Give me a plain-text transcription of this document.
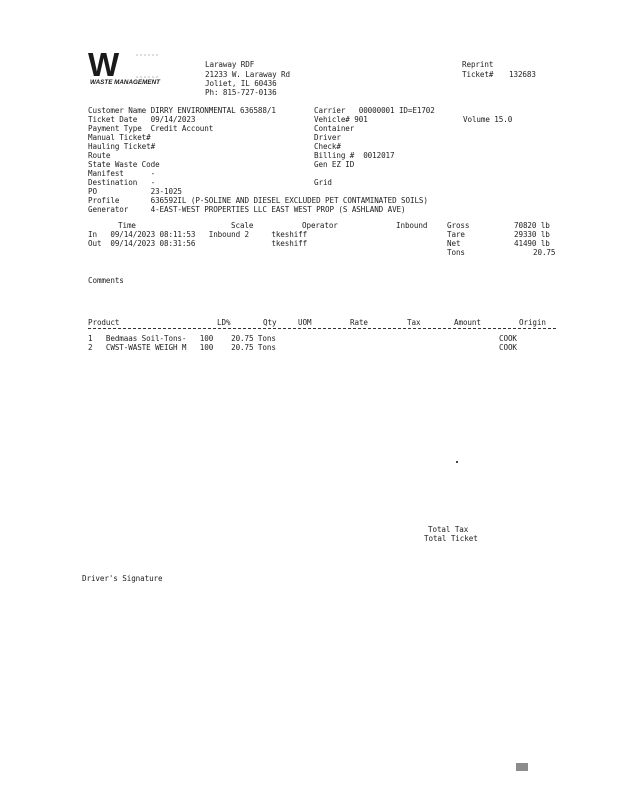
W
WASTE MANAGEMENT
Laraway RDF
21233 W. Laraway Rd
Joliet, IL 60436
Ph: 815-727-0136
Reprint
Ticket# 132683
Customer Name DIRRY ENVIRONMENTAL 636588/1
Ticket Date   09/14/2023
Payment Type  Credit Account
Manual Ticket#
Hauling Ticket#
Route
State Waste Code
Manifest      -
Destination   -
PO            23-1025
Profile       636592IL (P-SOLINE AND DIESEL EXCLUDED PET CONTAMINATED SOILS)
Generator     4-EAST-WEST PROPERTIES LLC EAST WEST PROP (S ASHLAND AVE)
Carrier   00000001 ID=E1702
Vehicle# 901	Volume 15.0
Container
Driver
Check#
Billing #  0012017
Gen EZ ID
Grid
Time	Scale	Operator	Inbound
In   09/14/2023 08:11:53   Inbound 2     tkeshiff
Out  09/14/2023 08:31:56                 tkeshiff
Gross	70820 lb
Tare	29330 lb
Net	41490 lb
Tons	20.75
Comments
Product	LD%	Qty	UOM	Rate	Tax	Amount	Origin
1   Bedmaas Soil-Tons-   100    20.75 Tons	COOK
2   CWST-WASTE WEIGH M   100    20.75 Tons	COOK
Total Tax
Total Ticket
Driver's Signature
